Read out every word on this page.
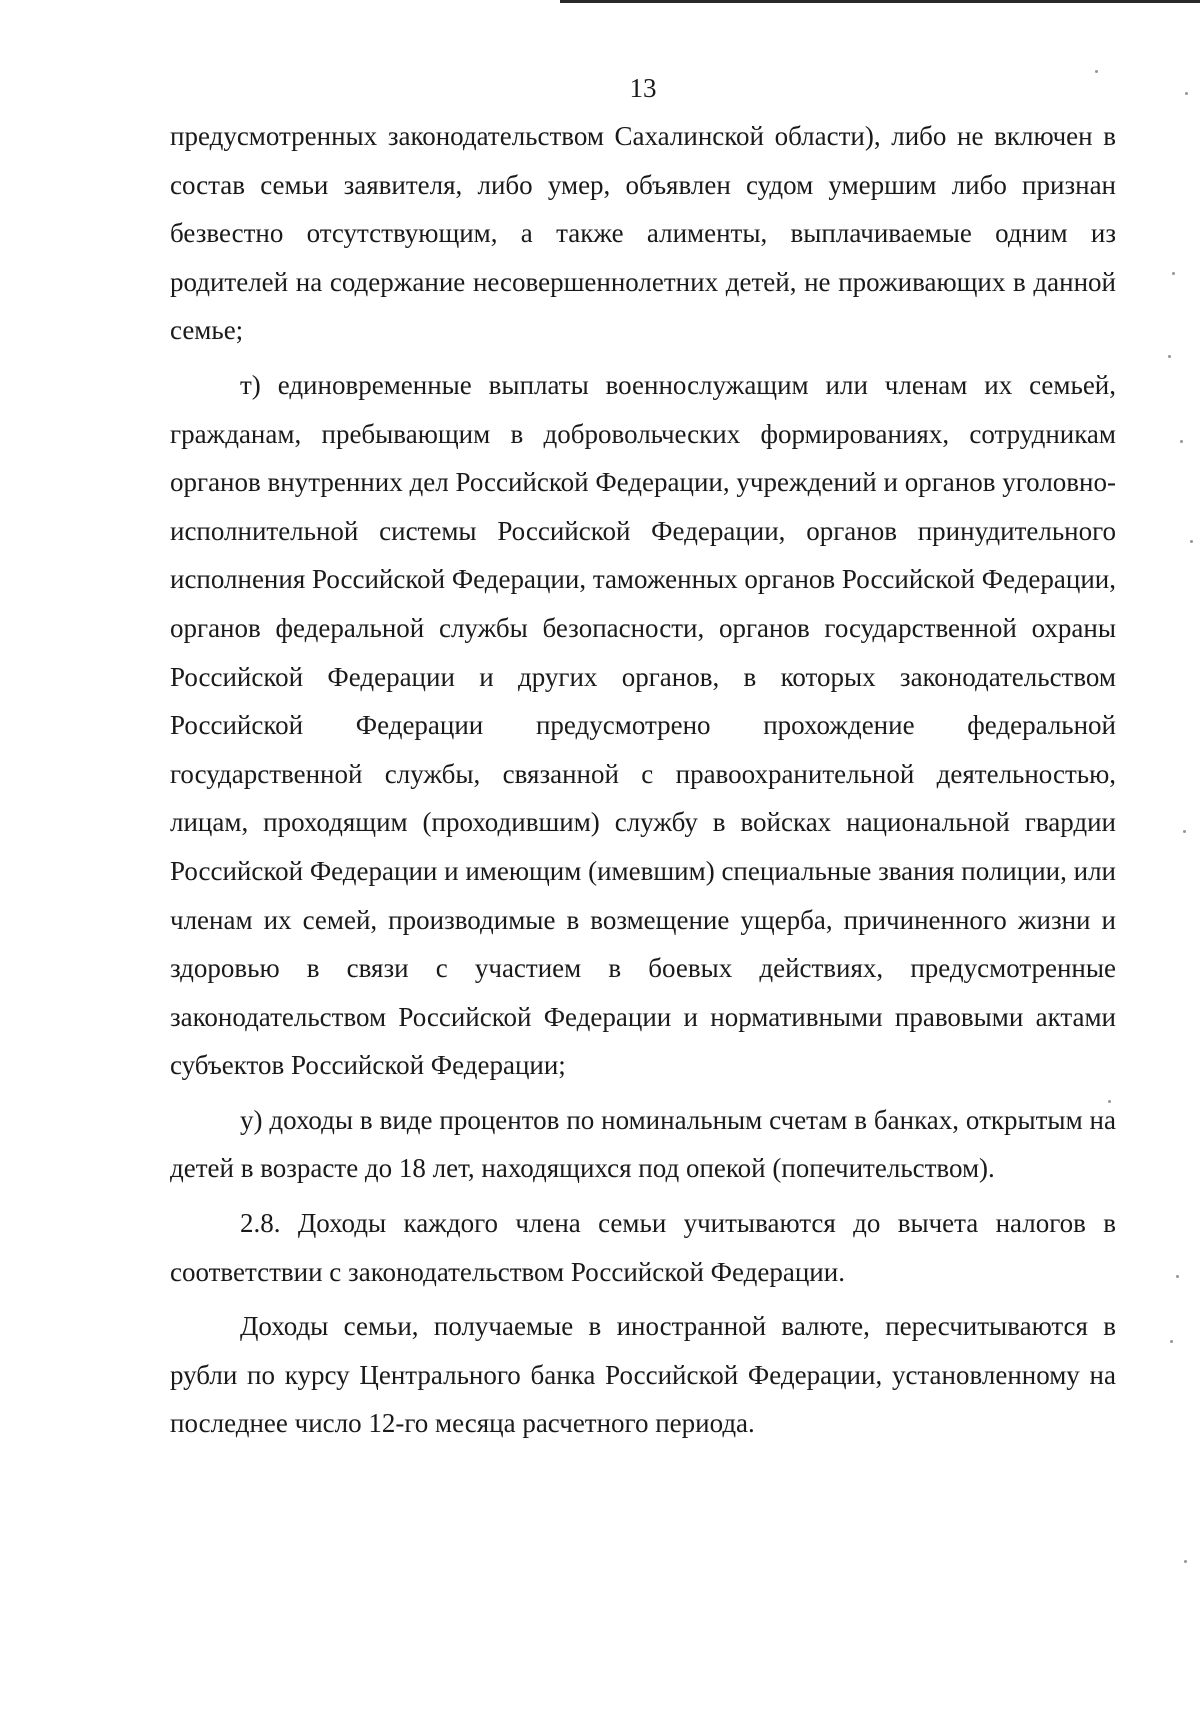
13

предусмотренных законодательством Сахалинской области), либо не включен в состав семьи заявителя, либо умер, объявлен судом умершим либо признан безвестно отсутствующим, а также алименты, выплачиваемые одним из родителей на содержание несовершеннолетних детей, не проживающих в данной семье;

т) единовременные выплаты военнослужащим или членам их семьей, гражданам, пребывающим в добровольческих формированиях, сотрудникам органов внутренних дел Российской Федерации, учреждений и органов уголовно-исполнительной системы Российской Федерации, органов принудительного исполнения Российской Федерации, таможенных органов Российской Федерации, органов федеральной службы безопасности, органов государственной охраны Российской Федерации и других органов, в которых законодательством Российской Федерации предусмотрено прохождение федеральной государственной службы, связанной с правоохранительной деятельностью, лицам, проходящим (проходившим) службу в войсках национальной гвардии Российской Федерации и имеющим (имевшим) специальные звания полиции, или членам их семей, производимые в возмещение ущерба, причиненного жизни и здоровью в связи с участием в боевых действиях, предусмотренные законодательством Российской Федерации и нормативными правовыми актами субъектов Российской Федерации;

у) доходы в виде процентов по номинальным счетам в банках, открытым на детей в возрасте до 18 лет, находящихся под опекой (попечительством).

2.8. Доходы каждого члена семьи учитываются до вычета налогов в соответствии с законодательством Российской Федерации.

Доходы семьи, получаемые в иностранной валюте, пересчитываются в рубли по курсу Центрального банка Российской Федерации, установленному на последнее число 12-го месяца расчетного периода.
